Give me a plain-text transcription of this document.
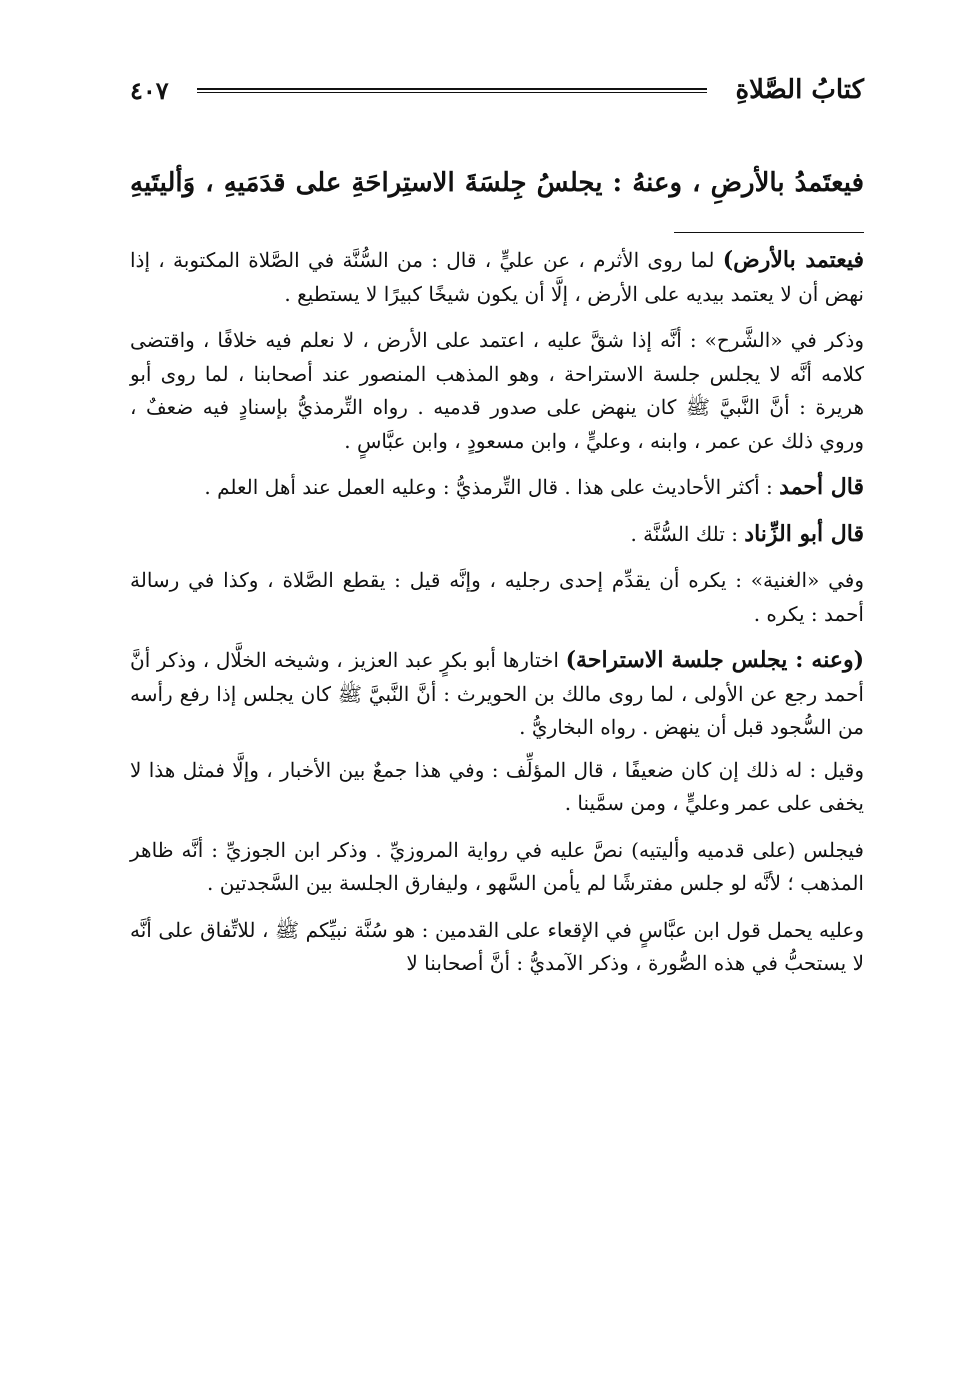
كتابُ الصَّلاةِ
٤٠٧
فيعتَمدُ بالأرضِ ، وعنهُ : يجلسُ جِلسَةَ الاستِراحَةِ على قدَمَيهِ ، وَأليتَيهِ

فيعتمد بالأرض) لما روى الأثرم ، عن عليٍّ ، قال : من السُّنَّة في الصَّلاة المكتوبة ، إذا نهض أن لا يعتمد بيديه على الأرض ، إلَّا أن يكون شيخًا كبيرًا لا يستطيع .

وذكر في «الشَّرح» : أنَّه إذا شقَّ عليه ، اعتمد على الأرض ، لا نعلم فيه خلافًا ، واقتضى كلامه أنَّه لا يجلس جلسة الاستراحة ، وهو المذهب المنصور عند أصحابنا ، لما روى أبو هريرة : أنَّ النَّبيَّ ﷺ كان ينهض على صدور قدميه . رواه التِّرمذيُّ بإسنادٍ فيه ضعفٌ ، وروي ذلك عن عمر ، وابنه ، وعليٍّ ، وابن مسعودٍ ، وابن عبَّاسٍ .

قال أحمد : أكثر الأحاديث على هذا . قال التِّرمذيُّ : وعليه العمل عند أهل العلم .

قال أبو الزِّناد : تلك السُّنَّة .

وفي «الغنية» : يكره أن يقدِّم إحدى رجليه ، وإنَّه قيل : يقطع الصَّلاة ، وكذا في رسالة أحمد : يكره .

(وعنه : يجلس جلسة الاستراحة) اختارها أبو بكرٍ عبد العزيز ، وشيخه الخلَّال ، وذكر أنَّ أحمد رجع عن الأولى ، لما روى مالك بن الحويرث : أنَّ النَّبيَّ ﷺ كان يجلس إذا رفع رأسه من السُّجود قبل أن ينهض . رواه البخاريُّ .

وقيل : له ذلك إن كان ضعيفًا ، قال المؤلِّف : وفي هذا جمعٌ بين الأخبار ، وإلَّا فمثل هذا لا يخفى على عمر وعليٍّ ، ومن سمَّينا .

فيجلس (على قدميه وأليتيه) نصَّ عليه في رواية المروزيِّ . وذكر ابن الجوزيِّ : أنَّه ظاهر المذهب ؛ لأنَّه لو جلس مفترشًا لم يأمن السَّهو ، وليفارق الجلسة بين السَّجدتين .

وعليه يحمل قول ابن عبَّاسٍ في الإقعاء على القدمين : هو سُنَّة نبيِّكم ﷺ ، للاتِّفاق على أنَّه لا يستحبُّ في هذه الصُّورة ، وذكر الآمديُّ : أنَّ أصحابنا لا
